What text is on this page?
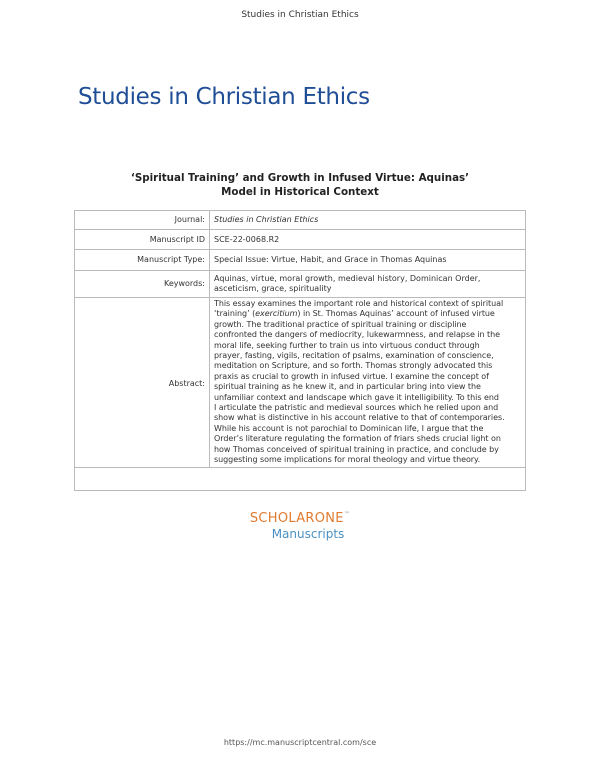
Studies in Christian Ethics
Studies in Christian Ethics
‘Spiritual Training’ and Growth in Infused Virtue: Aquinas’
Model in Historical Context
Journal: Studies in Christian Ethics
Manuscript ID SCE-22-0068.R2
Manuscript Type: Special Issue: Virtue, Habit, and Grace in Thomas Aquinas
Keywords:
Aquinas, virtue, moral growth, medieval history, Dominican Order,
asceticism, grace, spirituality
Abstract:
This essay examines the important role and historical context of spiritual
‘training’ (exercitium) in St. Thomas Aquinas’ account of infused virtue
growth. The traditional practice of spiritual training or discipline
confronted the dangers of mediocrity, lukewarmness, and relapse in the
moral life, seeking further to train us into virtuous conduct through
prayer, fasting, vigils, recitation of psalms, examination of conscience,
meditation on Scripture, and so forth. Thomas strongly advocated this
praxis as crucial to growth in infused virtue. I examine the concept of
spiritual training as he knew it, and in particular bring into view the
unfamiliar context and landscape which gave it intelligibility. To this end
I articulate the patristic and medieval sources which he relied upon and
show what is distinctive in his account relative to that of contemporaries.
While his account is not parochial to Dominican life, I argue that the
Order’s literature regulating the formation of friars sheds crucial light on
how Thomas conceived of spiritual training in practice, and conclude by
suggesting some implications for moral theology and virtue theory.
SCHOLARONE™
Manuscripts
https://mc.manuscriptcentral.com/sce
